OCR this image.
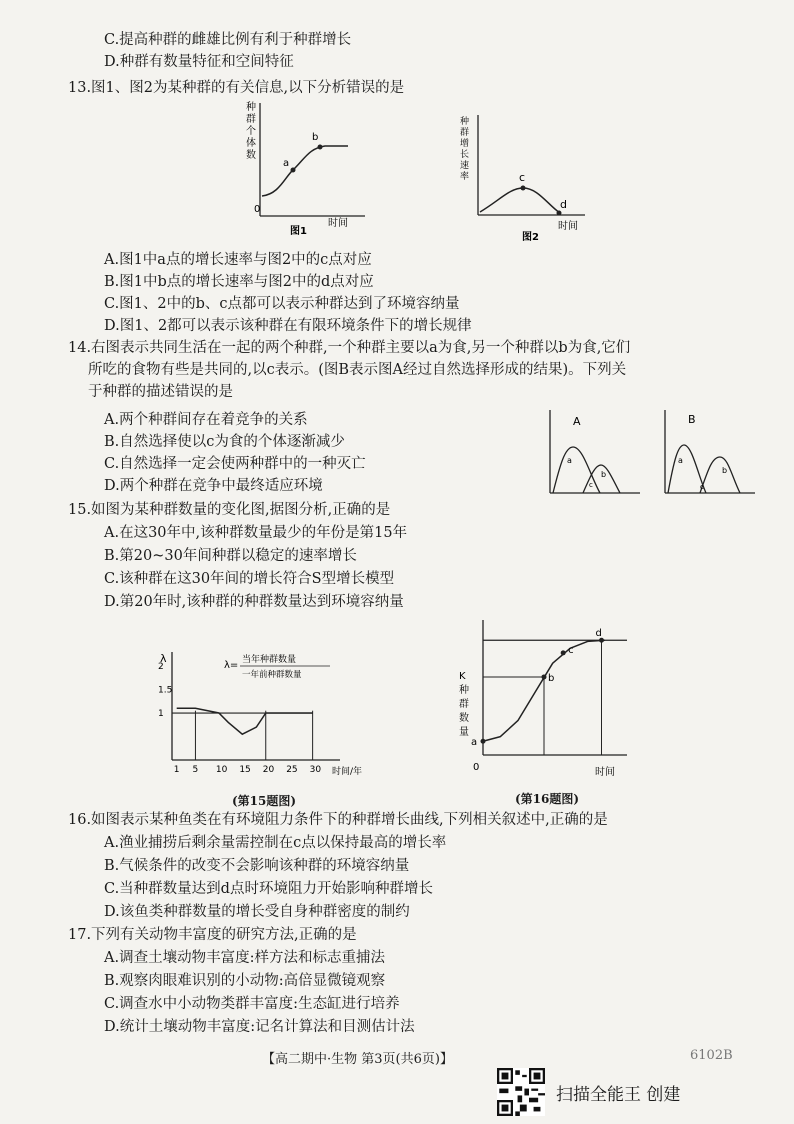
C.提高种群的雌雄比例有利于种群增长
D.种群有数量特征和空间特征
13.图1、图2为某种群的有关信息,以下分析错误的是
种
群
个
体
数
0
a
b
时间
图1
种
群
增
长
速
率	c
d
时间
图2
A.图1中a点的增长速率与图2中的c点对应
B.图1中b点的增长速率与图2中的d点对应
C.图1、2中的b、c点都可以表示种群达到了环境容纳量
D.图1、2都可以表示该种群在有限环境条件下的增长规律
14.右图表示共同生活在一起的两个种群,一个种群主要以a为食,另一个种群以b为食,它们
所吃的食物有些是共同的,以c表示。(图B表示图A经过自然选择形成的结果)。下列关
于种群的描述错误的是
A.两个种群间存在着竞争的关系
B.自然选择使以c为食的个体逐渐减少
C.自然选择一定会使两种群中的一种灭亡
D.两个种群在竞争中最终适应环境
A
a
b
c
B
a
b
c
15.如图为某种群数量的变化图,据图分析,正确的是
A.在这30年中,该种群数量最少的年份是第15年
B.第20~30年间种群以稳定的速率增长
C.该种群在这30年间的增长符合S型增长模型
D.第20年时,该种群的种群数量达到环境容纳量
λ
λ= 当年种群数量
一年前种群数量
时间/年
1 5 10 15 20 25 30
1
1.5
2
(第15题图)
K
种
群
数
量
0	时间
a
b
c
d
(第16题图)
16.如图表示某种鱼类在有环境阻力条件下的种群增长曲线,下列相关叙述中,正确的是
A.渔业捕捞后剩余量需控制在c点以保持最高的增长率
B.气候条件的改变不会影响该种群的环境容纳量
C.当种群数量达到d点时环境阻力开始影响种群增长
D.该鱼类种群数量的增长受自身种群密度的制约
17.下列有关动物丰富度的研究方法,正确的是
A.调查土壤动物丰富度:样方法和标志重捕法
B.观察肉眼难识别的小动物:高倍显微镜观察
C.调查水中小动物类群丰富度:生态缸进行培养
D.统计土壤动物丰富度:记名计算法和目测估计法
【高二期中·生物 第3页(共6页)】	6102B
扫描全能王 创建
